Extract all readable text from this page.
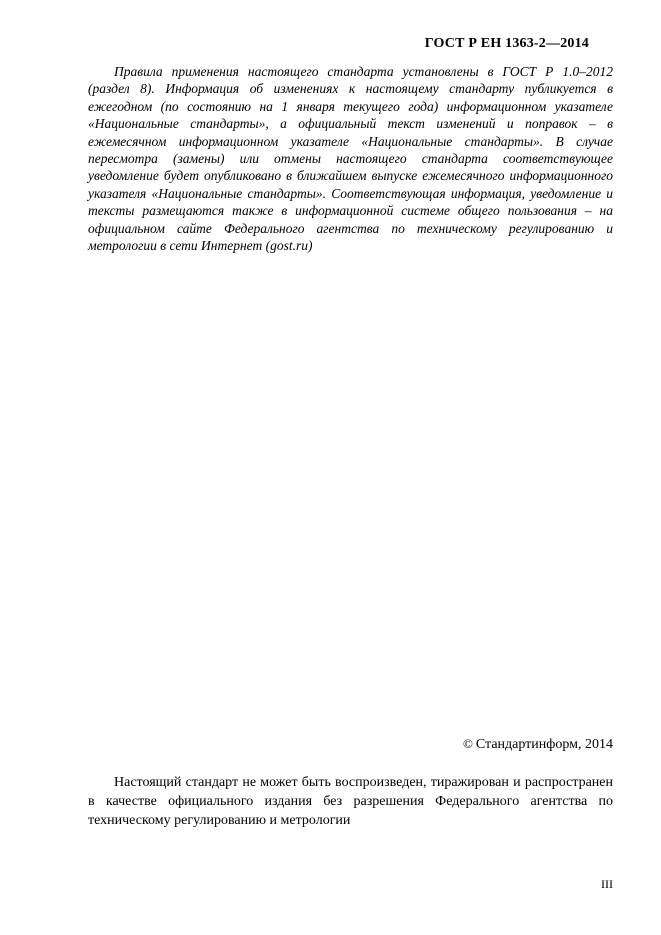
ГОСТ Р ЕН 1363-2—2014

Правила применения настоящего стандарта установлены в ГОСТ Р 1.0–2012 (раздел 8). Информация об изменениях к настоящему стандарту публикуется в ежегодном (по состоянию на 1 января текущего года) информационном указателе «Национальные стандарты», а официальный текст изменений и поправок – в ежемесячном информационном указателе «Национальные стандарты». В случае пересмотра (замены) или отмены настоящего стандарта соответствующее уведомление будет опубликовано в ближайшем выпуске ежемесячного информационного указателя «Национальные стандарты». Соответствующая информация, уведомление и тексты размещаются также в информационной системе общего пользования – на официальном сайте Федерального агентства по техническому регулированию и метрологии в сети Интернет (gost.ru)

© Стандартинформ, 2014

Настоящий стандарт не может быть воспроизведен, тиражирован и распространен в качестве официального издания без разрешения Федерального агентства по техническому регулированию и метрологии

III
